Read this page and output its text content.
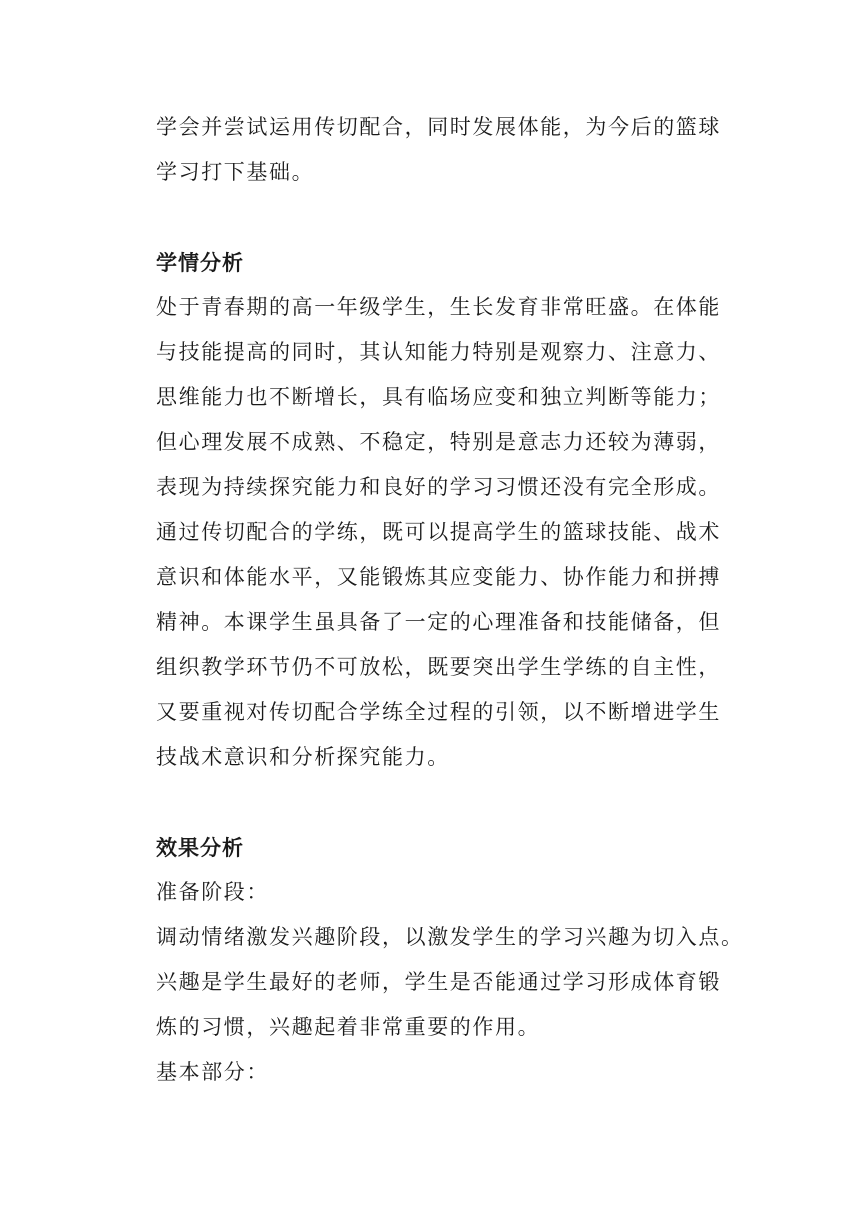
学会并尝试运用传切配合，同时发展体能，为今后的篮球
学习打下基础。
学情分析
处于青春期的高一年级学生，生长发育非常旺盛。在体能
与技能提高的同时，其认知能力特别是观察力、注意力、
思维能力也不断增长，具有临场应变和独立判断等能力；
但心理发展不成熟、不稳定，特别是意志力还较为薄弱，
表现为持续探究能力和良好的学习习惯还没有完全形成。
通过传切配合的学练，既可以提高学生的篮球技能、战术
意识和体能水平，又能锻炼其应变能力、协作能力和拼搏
精神。本课学生虽具备了一定的心理准备和技能储备，但
组织教学环节仍不可放松，既要突出学生学练的自主性，
又要重视对传切配合学练全过程的引领，以不断增进学生
技战术意识和分析探究能力。
效果分析
准备阶段：
调动情绪激发兴趣阶段，以激发学生的学习兴趣为切入点。
兴趣是学生最好的老师，学生是否能通过学习形成体育锻
炼的习惯，兴趣起着非常重要的作用。
基本部分：
